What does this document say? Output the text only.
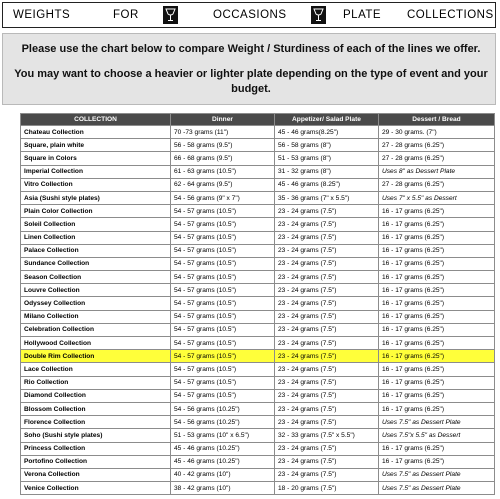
WEIGHTS	FOR	OCCASIONS	PLATE COLLECTIONS

Please use the chart below to compare Weight / Sturdiness of each of the lines we offer.

You may want to choose a heavier or lighter plate depending on the type of event and your budget.

COLLECTION	Dinner	Appetizer/ Salad Plate	Dessert / Bread
Chateau Collection	70 -73 grams (11")	45 - 46 grams(8.25")	29 - 30 grams. (7")
Square, plain white	56 - 58 grams (9.5")	56 - 58 grams (8")	27 - 28 grams (6.25")
Square in Colors	66 - 68 grams (9.5")	51 - 53 grams (8")	27 - 28 grams (6.25")
Imperial Collection	61 - 63 grams (10.5")	31 - 32 grams (8")	Uses 8" as Dessert Plate
Vitro Collection	62 - 64 grams (9.5")	45 - 46 grams (8.25")	27 - 28 grams (6.25")
Asia (Sushi style plates)	54 - 56 grams (9" x 7")	35 - 36 grams (7" x 5.5")	Uses 7" x 5.5" as Dessert
Plain Color Collection	54 - 57 grams (10.5")	23 - 24 grams (7.5")	16 - 17 grams (6.25")
Soleil Collection	54 - 57 grams (10.5")	23 - 24 grams (7.5")	16 - 17 grams (6.25")
Linen Collection	54 - 57 grams (10.5")	23 - 24 grams (7.5")	16 - 17 grams (6.25")
Palace Collection	54 - 57 grams (10.5")	23 - 24 grams (7.5")	16 - 17 grams (6.25")
Sundance Collection	54 - 57 grams (10.5")	23 - 24 grams (7.5")	16 - 17 grams (6.25")
Season Collection	54 - 57 grams (10.5")	23 - 24 grams (7.5")	16 - 17 grams (6.25")
Louvre Collection	54 - 57 grams (10.5")	23 - 24 grams (7.5")	16 - 17 grams (6.25")
Odyssey Collection	54 - 57 grams (10.5")	23 - 24 grams (7.5")	16 - 17 grams (6.25")
Milano Collection	54 - 57 grams (10.5")	23 - 24 grams (7.5")	16 - 17 grams (6.25")
Celebration Collection	54 - 57 grams (10.5")	23 - 24 grams (7.5")	16 - 17 grams (6.25")
Hollywood Collection	54 - 57 grams (10.5")	23 - 24 grams (7.5")	16 - 17 grams (6.25")
Double Rim Collection	54 - 57 grams (10.5")	23 - 24 grams (7.5")	16 - 17 grams (6.25")
Lace Collection	54 - 57 grams (10.5")	23 - 24 grams (7.5")	16 - 17 grams (6.25")
Rio Collection	54 - 57 grams (10.5")	23 - 24 grams (7.5")	16 - 17 grams (6.25")
Diamond Collection	54 - 57 grams (10.5")	23 - 24 grams (7.5")	16 - 17 grams (6.25")
Blossom Collection	54 - 56 grams (10.25")	23 - 24 grams (7.5")	16 - 17 grams (6.25")
Florence Collection	54 - 56 grams (10.25")	23 - 24 grams (7.5")	Uses 7.5" as Dessert Plate
Soho (Sushi style plates)	51 - 53 grams (10" x 6.5")	32 - 33 grams (7.5" x 5.5")	Uses 7.5"x 5.5" as Dessert
Princess Collection	45 - 46 grams (10.25")	23 - 24 grams (7.5")	16 - 17 grams (6.25")
Portofino Collection	45 - 46 grams (10.25")	23 - 24 grams (7.5")	16 - 17 grams (6.25")
Verona Collection	40 - 42 grams (10")	23 - 24 grams (7.5")	Uses 7.5" as Dessert Plate
Venice Collection	38 - 42 grams (10")	18 - 20 grams (7.5")	Uses 7.5" as Dessert Plate
